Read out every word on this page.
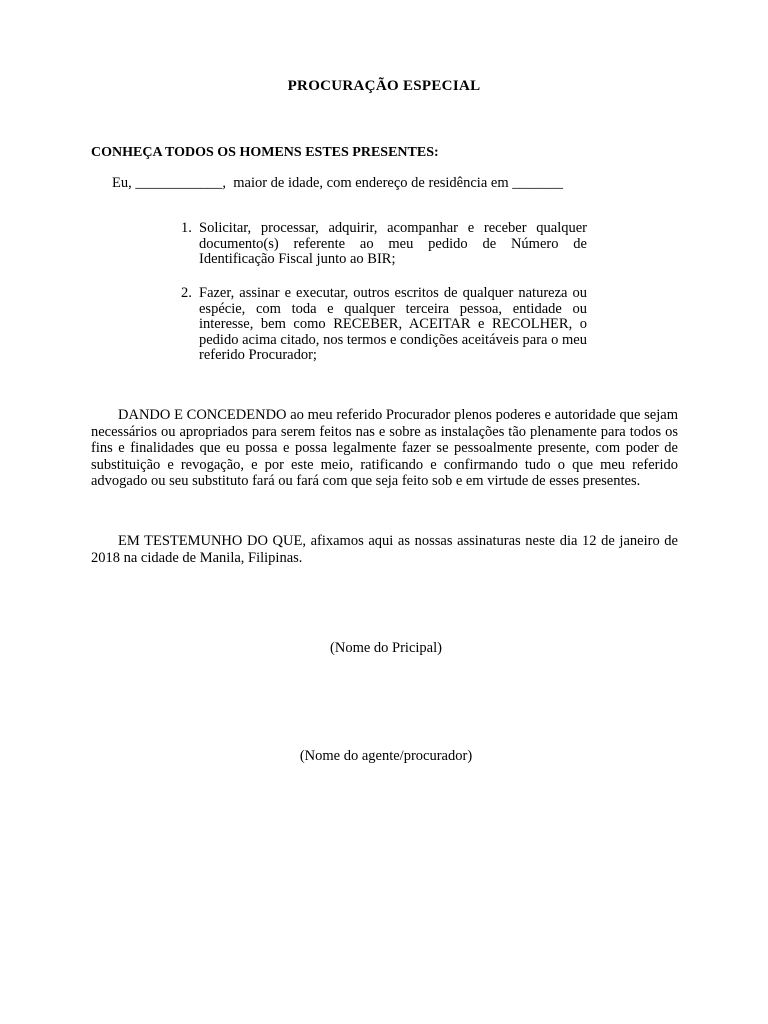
PROCURAÇÃO ESPECIAL
CONHEÇA TODOS OS HOMENS ESTES PRESENTES:
Eu, ____________,  maior de idade, com endereço de residência em _______
1. Solicitar, processar, adquirir, acompanhar e receber qualquer documento(s) referente ao meu pedido de Número de Identificação Fiscal junto ao BIR;
2. Fazer, assinar e executar, outros escritos de qualquer natureza ou espécie, com toda e qualquer terceira pessoa, entidade ou interesse, bem como RECEBER, ACEITAR e RECOLHER, o pedido acima citado, nos termos e condições aceitáveis para o meu referido Procurador;
DANDO E CONCEDENDO ao meu referido Procurador plenos poderes e autoridade que sejam necessários ou apropriados para serem feitos nas e sobre as instalações tão plenamente para todos os fins e finalidades que eu possa e possa legalmente fazer se pessoalmente presente, com poder de substituição e revogação, e por este meio, ratificando e confirmando tudo o que meu referido advogado ou seu substituto fará ou fará com que seja feito sob e em virtude de esses presentes.
EM TESTEMUNHO DO QUE, afixamos aqui as nossas assinaturas neste dia 12 de janeiro de 2018 na cidade de Manila, Filipinas.
(Nome do Pricipal)
(Nome do agente/procurador)
